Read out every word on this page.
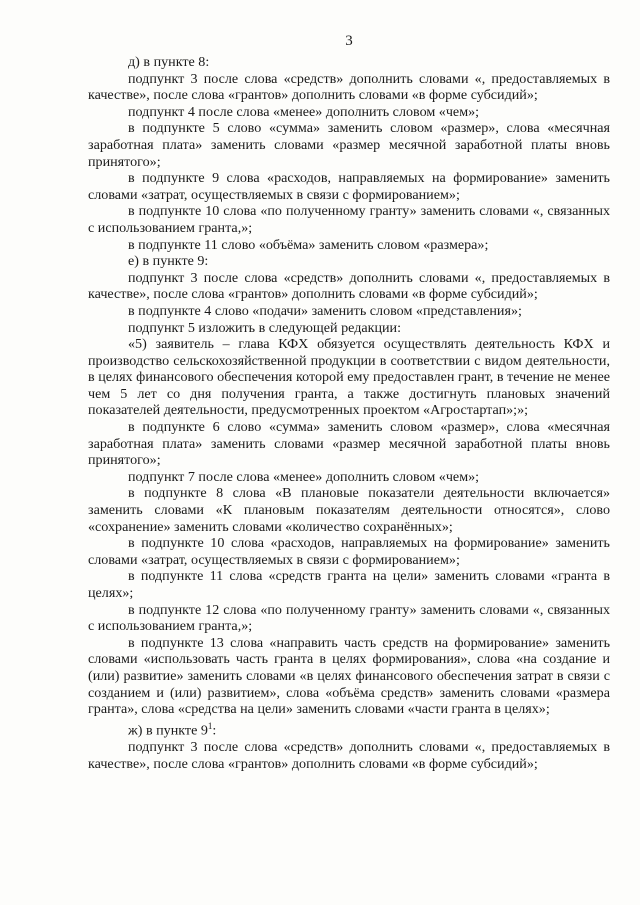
3

д) в пункте 8:

подпункт 3 после слова «средств» дополнить словами «, предоставляемых в качестве», после слова «грантов» дополнить словами «в форме субсидий»;

подпункт 4 после слова «менее» дополнить словом «чем»;

в подпункте 5 слово «сумма» заменить словом «размер», слова «месячная заработная плата» заменить словами «размер месячной заработной платы вновь принятого»;

в подпункте 9 слова «расходов, направляемых на формирование» заменить словами «затрат, осуществляемых в связи с формированием»;

в подпункте 10 слова «по полученному гранту» заменить словами «, связанных с использованием гранта,»;

в подпункте 11 слово «объёма» заменить словом «размера»;

е) в пункте 9:

подпункт 3 после слова «средств» дополнить словами «, предоставляемых в качестве», после слова «грантов» дополнить словами «в форме субсидий»;

в подпункте 4 слово «подачи» заменить словом «представления»;

подпункт 5 изложить в следующей редакции:

«5) заявитель – глава КФХ обязуется осуществлять деятельность КФХ и производство сельскохозяйственной продукции в соответствии с видом деятельности, в целях финансового обеспечения которой ему предоставлен грант, в течение не менее чем 5 лет со дня получения гранта, а также достигнуть плановых значений показателей деятельности, предусмотренных проектом «Агростартап»;»;

в подпункте 6 слово «сумма» заменить словом «размер», слова «месячная заработная плата» заменить словами «размер месячной заработной платы вновь принятого»;

подпункт 7 после слова «менее» дополнить словом «чем»;

в подпункте 8 слова «В плановые показатели деятельности включается» заменить словами «К плановым показателям деятельности относятся», слово «сохранение» заменить словами «количество сохранённых»;

в подпункте 10 слова «расходов, направляемых на формирование» заменить словами «затрат, осуществляемых в связи с формированием»;

в подпункте 11 слова «средств гранта на цели» заменить словами «гранта в целях»;

в подпункте 12 слова «по полученному гранту» заменить словами «, связанных с использованием гранта,»;

в подпункте 13 слова «направить часть средств на формирование» заменить словами «использовать часть гранта в целях формирования», слова «на создание и (или) развитие» заменить словами «в целях финансового обеспечения затрат в связи с созданием и (или) развитием», слова «объёма средств» заменить словами «размера гранта», слова «средства на цели» заменить словами «части гранта в целях»;

ж) в пункте $9^1$:

подпункт 3 после слова «средств» дополнить словами «, предоставляемых в качестве», после слова «грантов» дополнить словами «в форме субсидий»;
